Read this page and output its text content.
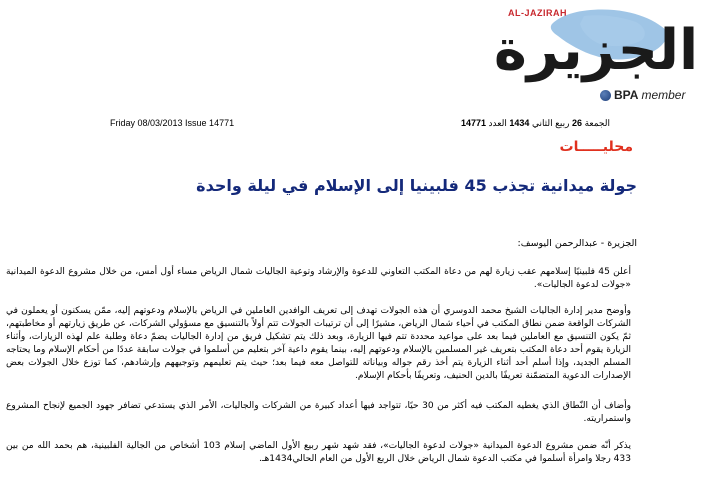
AL-JAZIRAH
الجزيرة
BPA member
Friday 08/03/2013 Issue 14771	الجمعة 26 ربيع الثاني 1434 العدد 14771
محليـــــات
جولة ميدانية تجذب 45 فلبينيا إلى الإسلام في ليلة واحدة
الجزيرة - عبدالرحمن اليوسف:

أعلن 45 فلبينيًا إسلامهم عقب زيارة لهم من دعاة المكتب التعاوني للدعوة والإرشاد وتوعية الجاليات شمال الرياض مساء أول أمس، من خلال مشروع الدعوة الميدانية «جولات لدعوة الجاليات».

وأوضح مدير إدارة الجاليات الشيخ محمد الدوسري أن هذه الجولات تهدف إلى تعريف الوافدين العاملين في الرياض بالإسلام ودعوتهم إليه، ممّن يسكنون أو يعملون في الشركات الواقعة ضمن نطاق المكتب في أحياء شمال الرياض، مشيرًا إلى أن ترتيبات الجولات تتم أولاً بالتنسيق مع مسؤولي الشركات، عن طريق زيارتهم أو مخاطبتهم، ثمّ يكون التنسيق مع العاملين فيما بعد على مواعيد محددة تتم فيها الزيارة، وبعد ذلك يتم تشكيل فريق من إدارة الجاليات يضمّ دعاة وطلبة علم لهذه الزيارات، وأثناء الزيارة يقوم أحد دعاة المكتب بتعريف غير المسلمين بالإسلام ودعوتهم إليه، بينما يقوم داعية آخر بتعليم من أسلموا في جولات سابقة عددًا من أحكام الإسلام وما يحتاجه المسلم الجديد، وإذا أسلم أحد أثناء الزيارة يتم أخذ رقم جواله وبياناته للتواصل معه فيما بعد؛ حيث يتم تعليمهم وتوجيههم وإرشادهم، كما توزع خلال الجولات بعض الإصدارات الدعوية المتضمّنة تعريفًا بالدين الحنيف، وتعريفًا بأحكام الإسلام.

وأضاف أن النّطاق الذي يغطيه المكتب فيه أكثر من 30 حيًا، تتواجد فيها أعداد كبيرة من الشركات والجاليات، الأمر الذي يستدعي تضافر جهود الجميع لإنجاح المشروع واستمراريته.

يذكر أنّه ضمن مشروع الدعوة الميدانية «جولات لدعوة الجاليات»، فقد شهد شهر ربيع الأول الماضي إسلام 103 أشخاص من الجالية الفلبينية، هم بحمد الله من بين 433 رجلا وامرأة أسلموا في مكتب الدعوة شمال الرياض خلال الربع الأول من العام الحالي1434هـ.
